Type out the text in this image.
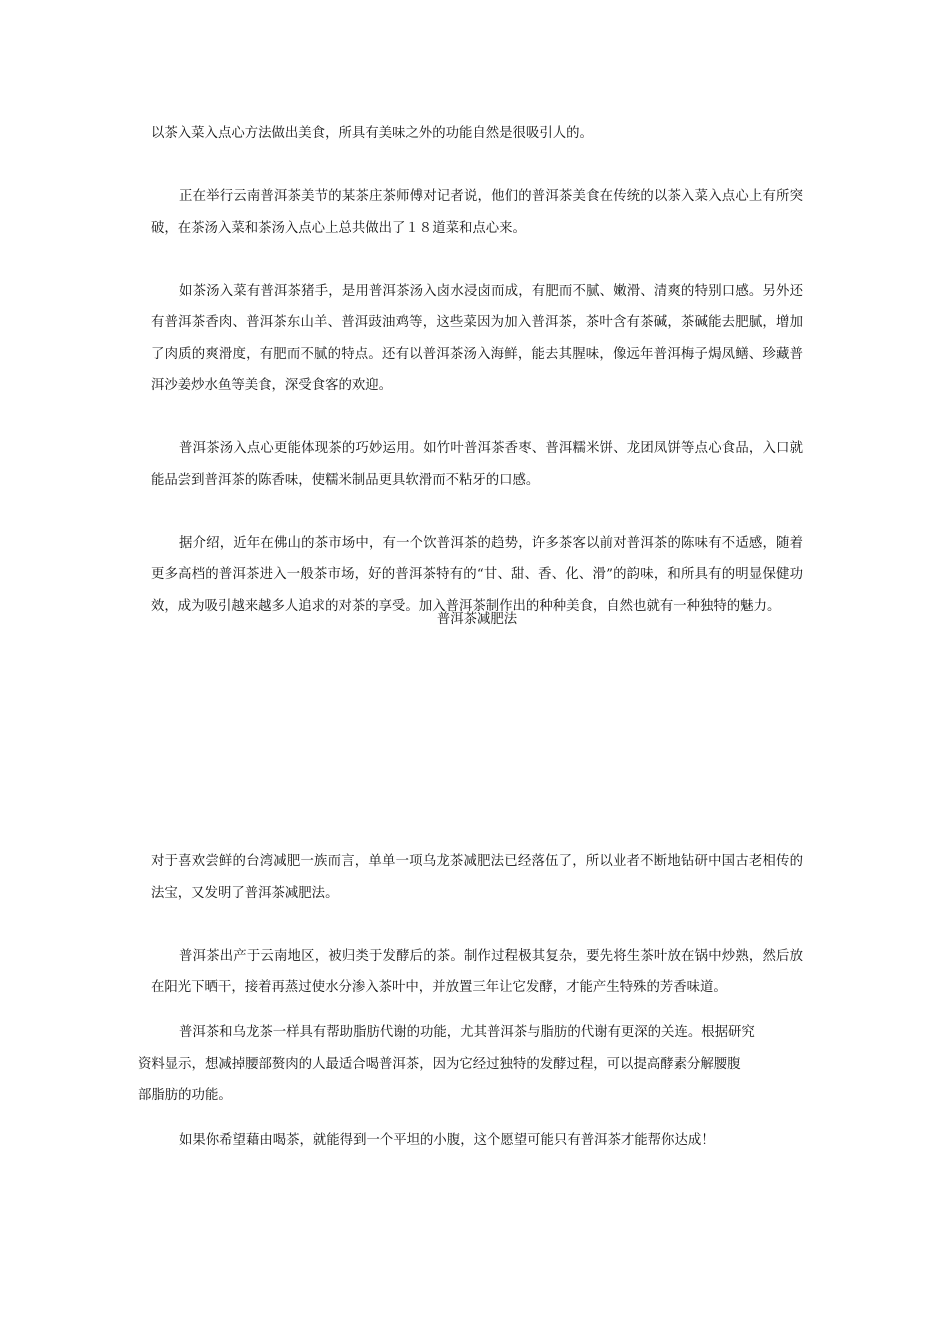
以茶入菜入点心方法做出美食，所具有美味之外的功能自然是很吸引人的。

正在举行云南普洱茶美节的某茶庄茶师傅对记者说，他们的普洱茶美食在传统的以茶入菜入点心上有所突破，在茶汤入菜和茶汤入点心上总共做出了１８道菜和点心来。

如茶汤入菜有普洱茶猪手，是用普洱茶汤入卤水浸卤而成，有肥而不腻、嫩滑、清爽的特别口感。另外还有普洱茶香肉、普洱茶东山羊、普洱豉油鸡等，这些菜因为加入普洱茶，茶叶含有茶碱，茶碱能去肥腻，增加了肉质的爽滑度，有肥而不腻的特点。还有以普洱茶汤入海鲜，能去其腥味，像远年普洱梅子焗凤鳝、珍藏普洱沙姜炒水鱼等美食，深受食客的欢迎。

普洱茶汤入点心更能体现茶的巧妙运用。如竹叶普洱茶香枣、普洱糯米饼、龙团凤饼等点心食品，入口就能品尝到普洱茶的陈香味，使糯米制品更具软滑而不粘牙的口感。

据介绍，近年在佛山的茶市场中，有一个饮普洱茶的趋势，许多茶客以前对普洱茶的陈味有不适感，随着更多高档的普洱茶进入一般茶市场，好的普洱茶特有的“甘、甜、香、化、滑”的韵味，和所具有的明显保健功效，成为吸引越来越多人追求的对茶的享受。加入普洱茶制作出的种种美食，自然也就有一种独特的魅力。

普洱茶减肥法

对于喜欢尝鲜的台湾减肥一族而言，单单一项乌龙茶减肥法已经落伍了，所以业者不断地钻研中国古老相传的法宝，又发明了普洱茶减肥法。

普洱茶出产于云南地区，被归类于发酵后的茶。制作过程极其复杂，要先将生茶叶放在锅中炒熟，然后放在阳光下晒干，接着再蒸过使水分渗入茶叶中，并放置三年让它发酵，才能产生特殊的芳香味道。

普洱茶和乌龙茶一样具有帮助脂肪代谢的功能，尤其普洱茶与脂肪的代谢有更深的关连。根据研究
资料显示，想减掉腰部赘肉的人最适合喝普洱茶，因为它经过独特的发酵过程，可以提高酵素分解腰腹
部脂肪的功能。

如果你希望藉由喝茶，就能得到一个平坦的小腹，这个愿望可能只有普洱茶才能帮你达成！
